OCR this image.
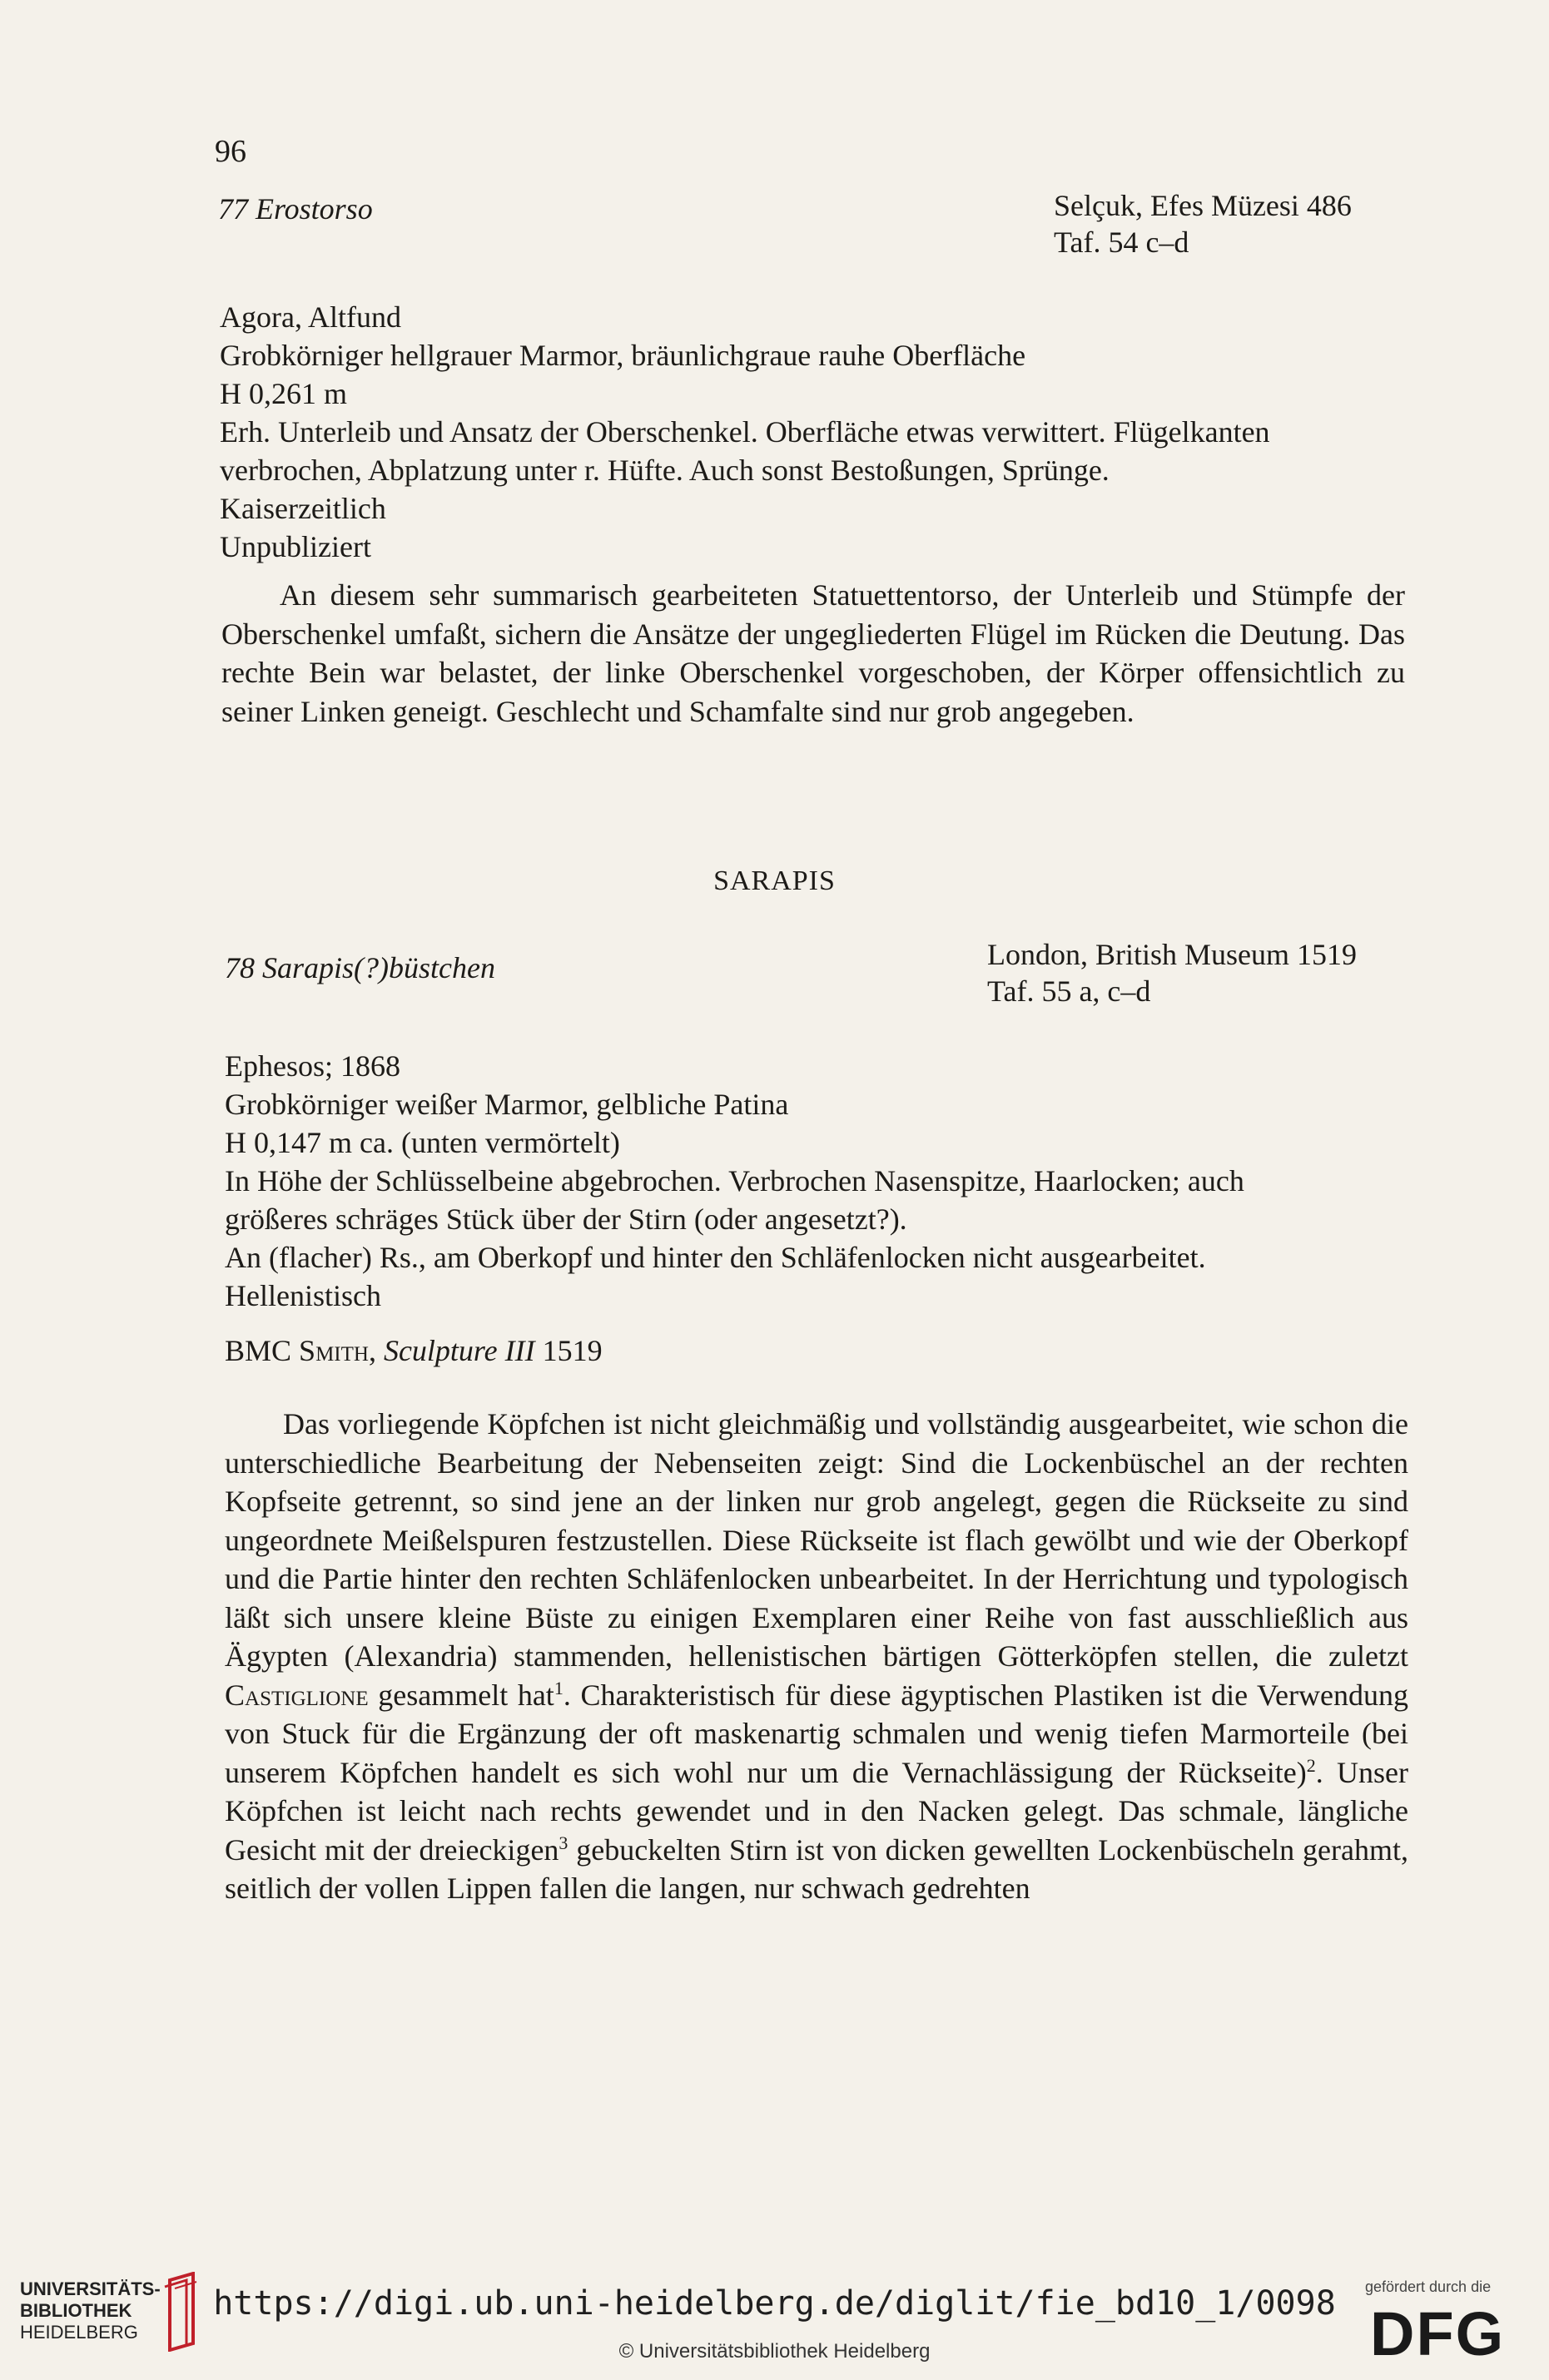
96
77 Erostorso	Selçuk, Efes Müzesi 486
Taf. 54 c–d
Agora, Altfund
Grobkörniger hellgrauer Marmor, bräunlichgraue rauhe Oberfläche
H 0,261 m
Erh. Unterleib und Ansatz der Oberschenkel. Oberfläche etwas verwittert. Flügelkanten
verbrochen, Abplatzung unter r. Hüfte. Auch sonst Bestoßungen, Sprünge.
Kaiserzeitlich
Unpubliziert

An diesem sehr summarisch gearbeiteten Statuettentorso, der Unterleib und Stümpfe der Oberschenkel umfaßt, sichern die Ansätze der ungegliederten Flügel im Rücken die Deutung. Das rechte Bein war belastet, der linke Oberschenkel vorgeschoben, der Körper offensichtlich zu seiner Linken geneigt. Geschlecht und Schamfalte sind nur grob angegeben.

SARAPIS
78 Sarapis(?)büstchen	London, British Museum 1519
Taf. 55 a, c–d
Ephesos; 1868
Grobkörniger weißer Marmor, gelbliche Patina
H 0,147 m ca. (unten vermörtelt)
In Höhe der Schlüsselbeine abgebrochen. Verbrochen Nasenspitze, Haarlocken; auch
größeres schräges Stück über der Stirn (oder angesetzt?).
An (flacher) Rs., am Oberkopf und hinter den Schläfenlocken nicht ausgearbeitet.
Hellenistisch
BMC Smith, Sculpture III 1519

Das vorliegende Köpfchen ist nicht gleichmäßig und vollständig ausgearbeitet, wie schon die unterschiedliche Bearbeitung der Nebenseiten zeigt: Sind die Lockenbüschel an der rechten Kopfseite getrennt, so sind jene an der linken nur grob angelegt, gegen die Rückseite zu sind ungeordnete Meißelspuren festzustellen. Diese Rückseite ist flach gewölbt und wie der Oberkopf und die Partie hinter den rechten Schläfenlocken unbearbeitet. In der Herrichtung und typologisch läßt sich unsere kleine Büste zu einigen Exemplaren einer Reihe von fast ausschließlich aus Ägypten (Alexandria) stammenden, hellenistischen bärtigen Götterköpfen stellen, die zuletzt Castiglione gesammelt hat$^1$. Charakteristisch für diese ägyptischen Plastiken ist die Verwendung von Stuck für die Ergänzung der oft maskenartig schmalen und wenig tiefen Marmorteile (bei unserem Köpfchen handelt es sich wohl nur um die Vernachlässigung der Rückseite)$^2$. Unser Köpfchen ist leicht nach rechts gewendet und in den Nacken gelegt. Das schmale, längliche Gesicht mit der dreieckigen$^3$ gebuckelten Stirn ist von dicken gewellten Lockenbüscheln gerahmt, seitlich der vollen Lippen fallen die langen, nur schwach gedrehten

UNIVERSITÄTS-
BIBLIOTHEK
HEIDELBERG
https://digi.ub.uni-heidelberg.de/diglit/fie_bd10_1/0098
© Universitätsbibliothek Heidelberg
gefördert durch die
DFG
